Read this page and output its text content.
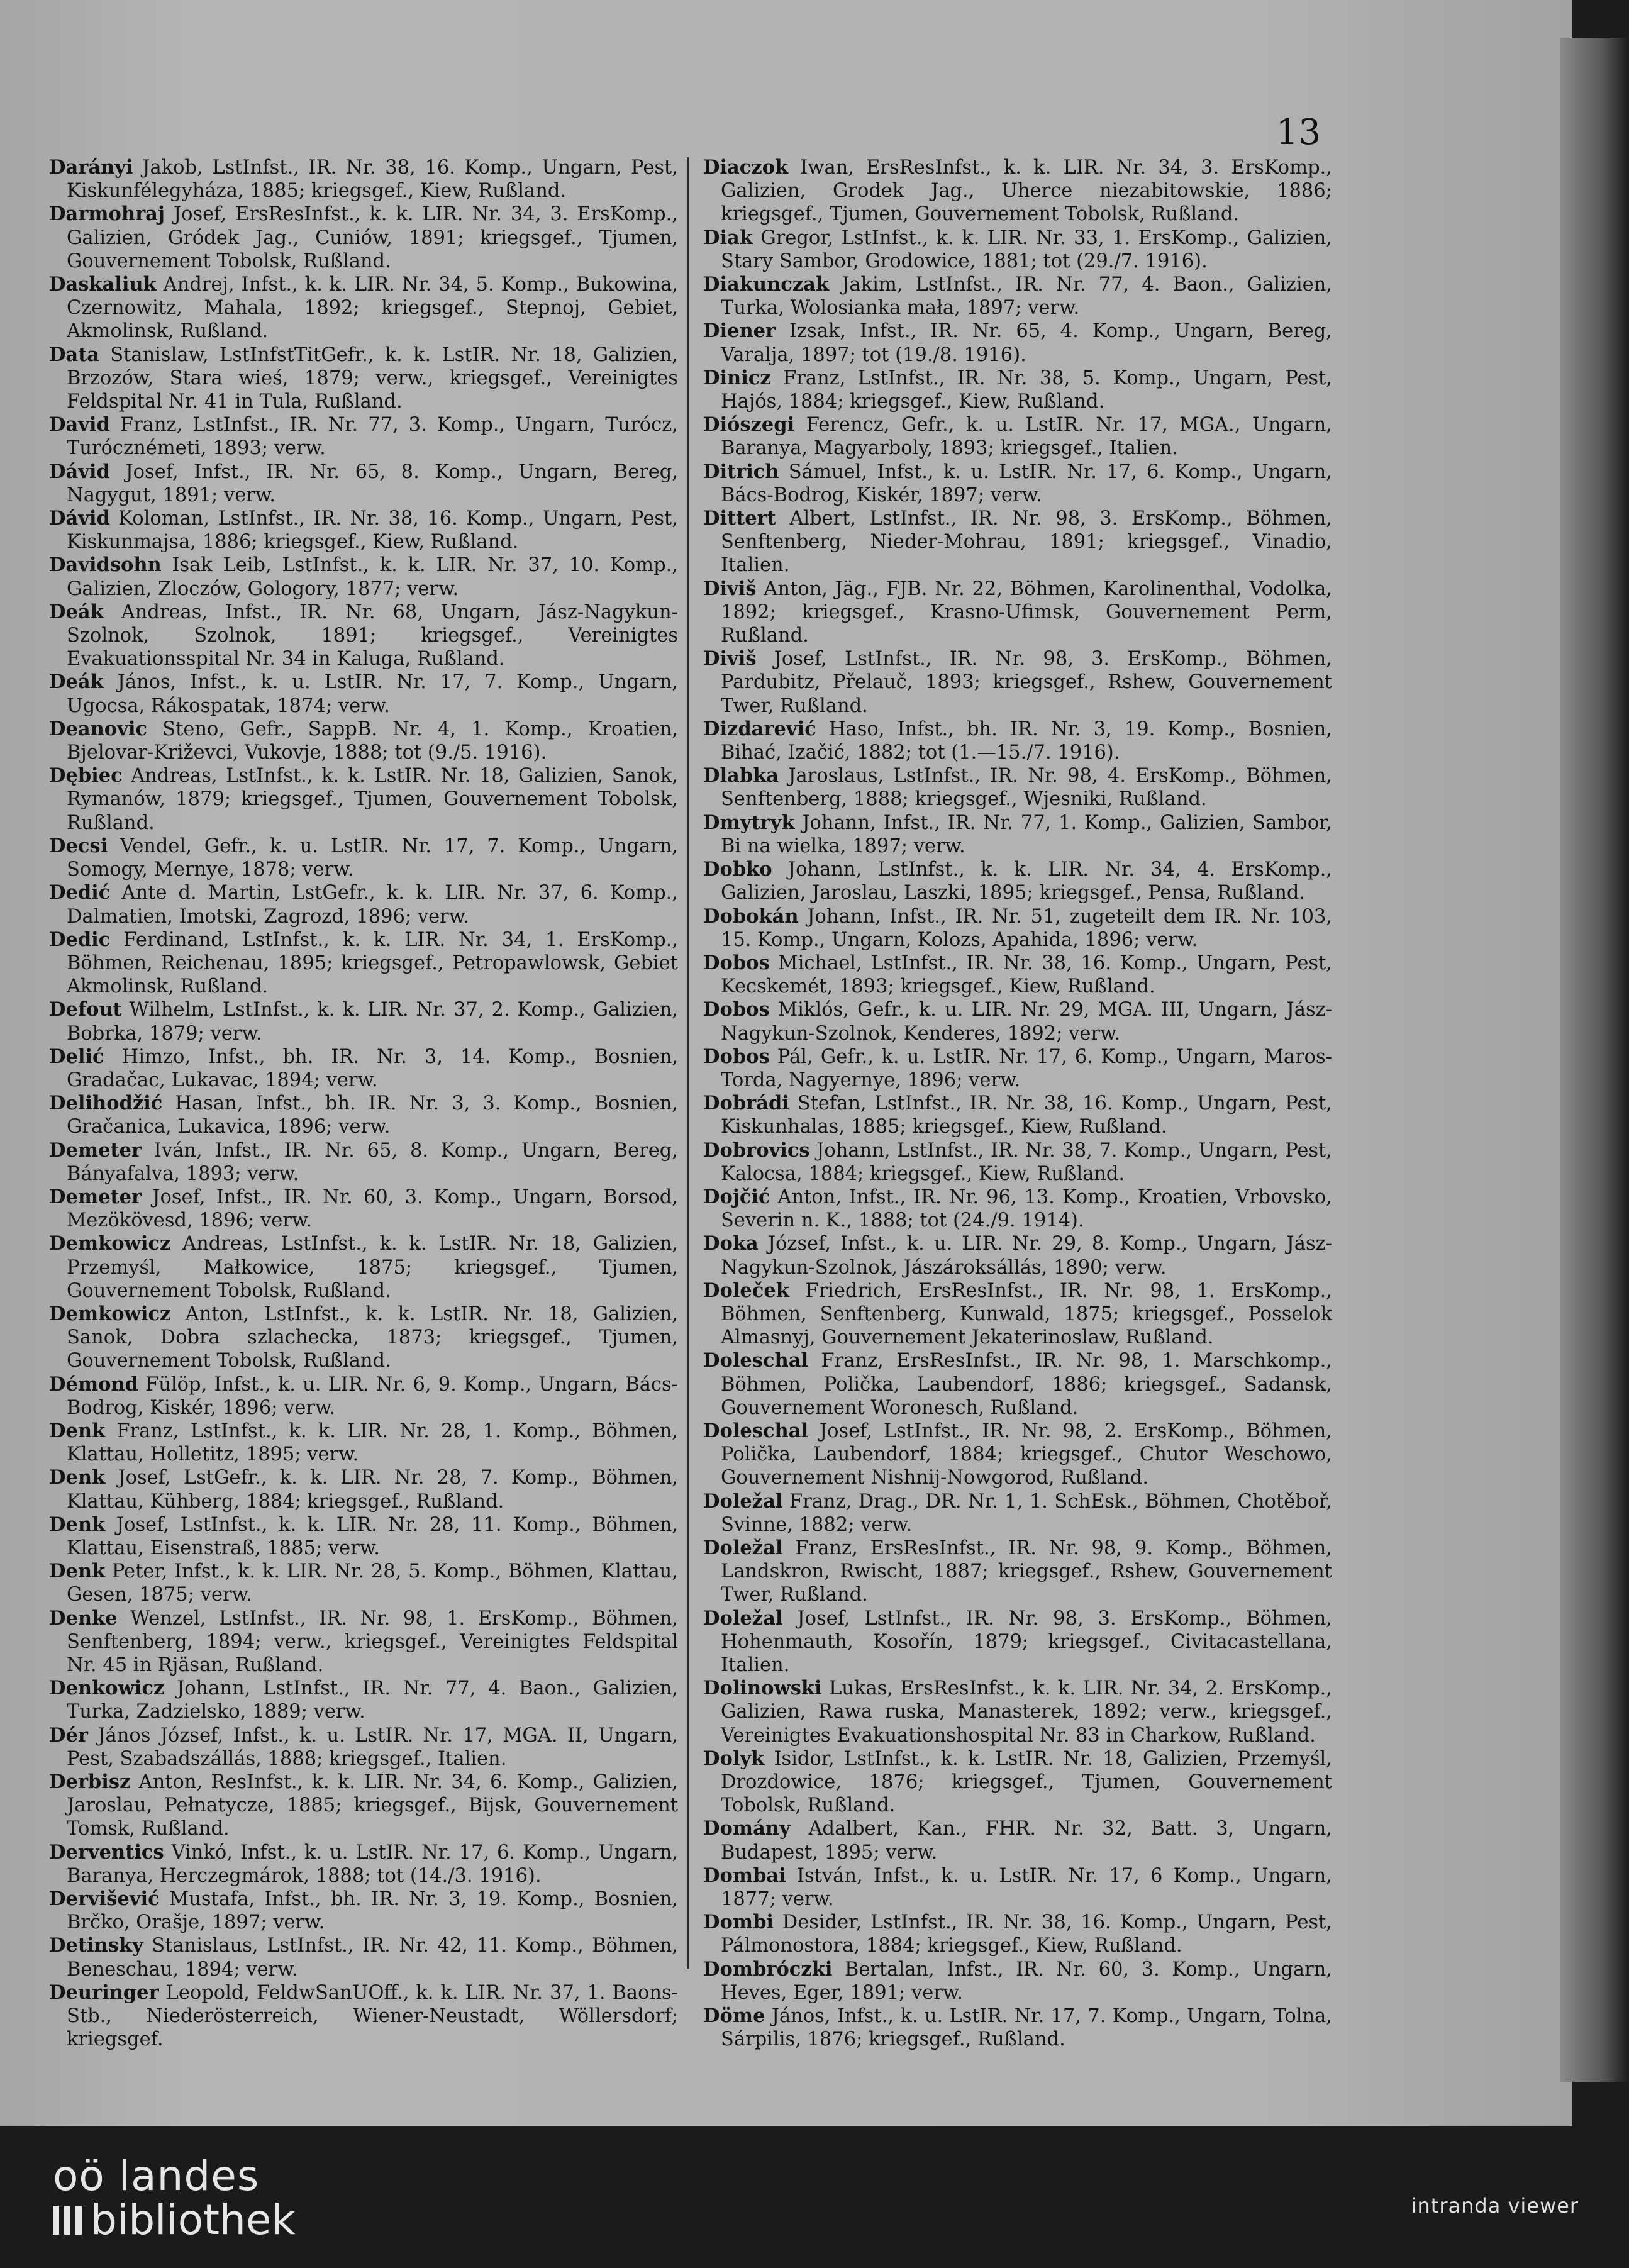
13

Darányi Jakob, LstInfst., IR. Nr. 38, 16. Komp., Ungarn, Pest, Kiskunfélegyháza, 1885; kriegsgef., Kiew, Rußland.

Darmohraj Josef, ErsResInfst., k. k. LIR. Nr. 34, 3. ErsKomp., Galizien, Gródek Jag., Cuniów, 1891; kriegsgef., Tjumen, Gouvernement Tobolsk, Rußland.

Daskaliuk Andrej, Infst., k. k. LIR. Nr. 34, 5. Komp., Bukowina, Czernowitz, Mahala, 1892; kriegsgef., Stepnoj, Gebiet, Akmolinsk, Rußland.

Data Stanislaw, LstInfstTitGefr., k. k. LstIR. Nr. 18, Galizien, Brzozów, Stara wieś, 1879; verw., kriegsgef., Vereinigtes Feldspital Nr. 41 in Tula, Rußland.

David Franz, LstInfst., IR. Nr. 77, 3. Komp., Ungarn, Turócz, Turócznémeti, 1893; verw.

Dávid Josef, Infst., IR. Nr. 65, 8. Komp., Ungarn, Bereg, Nagygut, 1891; verw.

Dávid Koloman, LstInfst., IR. Nr. 38, 16. Komp., Ungarn, Pest, Kiskunmajsa, 1886; kriegsgef., Kiew, Rußland.

Davidsohn Isak Leib, LstInfst., k. k. LIR. Nr. 37, 10. Komp., Galizien, Zloczów, Gologory, 1877; verw.

Deák Andreas, Infst., IR. Nr. 68, Ungarn, Jász-Nagykun-Szolnok, Szolnok, 1891; kriegsgef., Vereinigtes Evakuationsspital Nr. 34 in Kaluga, Rußland.

Deák János, Infst., k. u. LstIR. Nr. 17, 7. Komp., Ungarn, Ugocsa, Rákospatak, 1874; verw.

Deanovic Steno, Gefr., SappB. Nr. 4, 1. Komp., Kroatien, Bjelovar-Križevci, Vukovje, 1888; tot (9./5. 1916).

Dębiec Andreas, LstInfst., k. k. LstIR. Nr. 18, Galizien, Sanok, Rymanów, 1879; kriegsgef., Tjumen, Gouvernement Tobolsk, Rußland.

Decsi Vendel, Gefr., k. u. LstIR. Nr. 17, 7. Komp., Ungarn, Somogy, Mernye, 1878; verw.

Dedić Ante d. Martin, LstGefr., k. k. LIR. Nr. 37, 6. Komp., Dalmatien, Imotski, Zagrozd, 1896; verw.

Dedic Ferdinand, LstInfst., k. k. LIR. Nr. 34, 1. ErsKomp., Böhmen, Reichenau, 1895; kriegsgef., Petropawlowsk, Gebiet Akmolinsk, Rußland.

Defout Wilhelm, LstInfst., k. k. LIR. Nr. 37, 2. Komp., Galizien, Bobrka, 1879; verw.

Delić Himzo, Infst., bh. IR. Nr. 3, 14. Komp., Bosnien, Gradačac, Lukavac, 1894; verw.

Delihodžić Hasan, Infst., bh. IR. Nr. 3, 3. Komp., Bosnien, Gračanica, Lukavica, 1896; verw.

Demeter Iván, Infst., IR. Nr. 65, 8. Komp., Ungarn, Bereg, Bányafalva, 1893; verw.

Demeter Josef, Infst., IR. Nr. 60, 3. Komp., Ungarn, Borsod, Mezökövesd, 1896; verw.

Demkowicz Andreas, LstInfst., k. k. LstIR. Nr. 18, Galizien, Przemyśl, Małkowice, 1875; kriegsgef., Tjumen, Gouvernement Tobolsk, Rußland.

Demkowicz Anton, LstInfst., k. k. LstIR. Nr. 18, Galizien, Sanok, Dobra szlachecka, 1873; kriegsgef., Tjumen, Gouvernement Tobolsk, Rußland.

Démond Fülöp, Infst., k. u. LIR. Nr. 6, 9. Komp., Ungarn, Bács-Bodrog, Kiskér, 1896; verw.

Denk Franz, LstInfst., k. k. LIR. Nr. 28, 1. Komp., Böhmen, Klattau, Holletitz, 1895; verw.

Denk Josef, LstGefr., k. k. LIR. Nr. 28, 7. Komp., Böhmen, Klattau, Kühberg, 1884; kriegsgef., Rußland.

Denk Josef, LstInfst., k. k. LIR. Nr. 28, 11. Komp., Böhmen, Klattau, Eisenstraß, 1885; verw.

Denk Peter, Infst., k. k. LIR. Nr. 28, 5. Komp., Böhmen, Klattau, Gesen, 1875; verw.

Denke Wenzel, LstInfst., IR. Nr. 98, 1. ErsKomp., Böhmen, Senftenberg, 1894; verw., kriegsgef., Vereinigtes Feldspital Nr. 45 in Rjäsan, Rußland.

Denkowicz Johann, LstInfst., IR. Nr. 77, 4. Baon., Galizien, Turka, Zadzielsko, 1889; verw.

Dér János József, Infst., k. u. LstIR. Nr. 17, MGA. II, Ungarn, Pest, Szabadszállás, 1888; kriegsgef., Italien.

Derbisz Anton, ResInfst., k. k. LIR. Nr. 34, 6. Komp., Galizien, Jaroslau, Pełnatycze, 1885; kriegsgef., Bijsk, Gouvernement Tomsk, Rußland.

Derventics Vinkó, Infst., k. u. LstIR. Nr. 17, 6. Komp., Ungarn, Baranya, Herczegmárok, 1888; tot (14./3. 1916).

Dervišević Mustafa, Infst., bh. IR. Nr. 3, 19. Komp., Bosnien, Brčko, Orašje, 1897; verw.

Detinsky Stanislaus, LstInfst., IR. Nr. 42, 11. Komp., Böhmen, Beneschau, 1894; verw.

Deuringer Leopold, FeldwSanUOff., k. k. LIR. Nr. 37, 1. Baons-Stb., Niederösterreich, Wiener-Neustadt, Wöllersdorf; kriegsgef.

Diaczok Iwan, ErsResInfst., k. k. LIR. Nr. 34, 3. ErsKomp., Galizien, Grodek Jag., Uherce niezabitowskie, 1886; kriegsgef., Tjumen, Gouvernement Tobolsk, Rußland.

Diak Gregor, LstInfst., k. k. LIR. Nr. 33, 1. ErsKomp., Galizien, Stary Sambor, Grodowice, 1881; tot (29./7. 1916).

Diakunczak Jakim, LstInfst., IR. Nr. 77, 4. Baon., Galizien, Turka, Wolosianka mała, 1897; verw.

Diener Izsak, Infst., IR. Nr. 65, 4. Komp., Ungarn, Bereg, Varalja, 1897; tot (19./8. 1916).

Dinicz Franz, LstInfst., IR. Nr. 38, 5. Komp., Ungarn, Pest, Hajós, 1884; kriegsgef., Kiew, Rußland.

Diószegi Ferencz, Gefr., k. u. LstIR. Nr. 17, MGA., Ungarn, Baranya, Magyarboly, 1893; kriegsgef., Italien.

Ditrich Sámuel, Infst., k. u. LstIR. Nr. 17, 6. Komp., Ungarn, Bács-Bodrog, Kiskér, 1897; verw.

Dittert Albert, LstInfst., IR. Nr. 98, 3. ErsKomp., Böhmen, Senftenberg, Nieder-Mohrau, 1891; kriegsgef., Vinadio, Italien.

Diviš Anton, Jäg., FJB. Nr. 22, Böhmen, Karolinenthal, Vodolka, 1892; kriegsgef., Krasno-Ufimsk, Gouvernement Perm, Rußland.

Diviš Josef, LstInfst., IR. Nr. 98, 3. ErsKomp., Böhmen, Pardubitz, Přelauč, 1893; kriegsgef., Rshew, Gouvernement Twer, Rußland.

Dizdarević Haso, Infst., bh. IR. Nr. 3, 19. Komp., Bosnien, Bihać, Izačić, 1882; tot (1.—15./7. 1916).

Dlabka Jaroslaus, LstInfst., IR. Nr. 98, 4. ErsKomp., Böhmen, Senftenberg, 1888; kriegsgef., Wjesniki, Rußland.

Dmytryk Johann, Infst., IR. Nr. 77, 1. Komp., Galizien, Sambor, Bi na wielka, 1897; verw.

Dobko Johann, LstInfst., k. k. LIR. Nr. 34, 4. ErsKomp., Galizien, Jaroslau, Laszki, 1895; kriegsgef., Pensa, Rußland.

Dobokán Johann, Infst., IR. Nr. 51, zugeteilt dem IR. Nr. 103, 15. Komp., Ungarn, Kolozs, Apahida, 1896; verw.

Dobos Michael, LstInfst., IR. Nr. 38, 16. Komp., Ungarn, Pest, Kecskemét, 1893; kriegsgef., Kiew, Rußland.

Dobos Miklós, Gefr., k. u. LIR. Nr. 29, MGA. III, Ungarn, Jász-Nagykun-Szolnok, Kenderes, 1892; verw.

Dobos Pál, Gefr., k. u. LstIR. Nr. 17, 6. Komp., Ungarn, Maros-Torda, Nagyernye, 1896; verw.

Dobrádi Stefan, LstInfst., IR. Nr. 38, 16. Komp., Ungarn, Pest, Kiskunhalas, 1885; kriegsgef., Kiew, Rußland.

Dobrovics Johann, LstInfst., IR. Nr. 38, 7. Komp., Ungarn, Pest, Kalocsa, 1884; kriegsgef., Kiew, Rußland.

Dojčić Anton, Infst., IR. Nr. 96, 13. Komp., Kroatien, Vrbovsko, Severin n. K., 1888; tot (24./9. 1914).

Doka József, Infst., k. u. LIR. Nr. 29, 8. Komp., Ungarn, Jász-Nagykun-Szolnok, Jászároksállás, 1890; verw.

Doleček Friedrich, ErsResInfst., IR. Nr. 98, 1. ErsKomp., Böhmen, Senftenberg, Kunwald, 1875; kriegsgef., Posselok Almasnyj, Gouvernement Jekaterinoslaw, Rußland.

Doleschal Franz, ErsResInfst., IR. Nr. 98, 1. Marschkomp., Böhmen, Polička, Laubendorf, 1886; kriegsgef., Sadansk, Gouvernement Woronesch, Rußland.

Doleschal Josef, LstInfst., IR. Nr. 98, 2. ErsKomp., Böhmen, Polička, Laubendorf, 1884; kriegsgef., Chutor Weschowo, Gouvernement Nishnij-Nowgorod, Rußland.

Doležal Franz, Drag., DR. Nr. 1, 1. SchEsk., Böhmen, Chotěboř, Svinne, 1882; verw.

Doležal Franz, ErsResInfst., IR. Nr. 98, 9. Komp., Böhmen, Landskron, Rwischt, 1887; kriegsgef., Rshew, Gouvernement Twer, Rußland.

Doležal Josef, LstInfst., IR. Nr. 98, 3. ErsKomp., Böhmen, Hohenmauth, Kosořín, 1879; kriegsgef., Civitacastellana, Italien.

Dolinowski Lukas, ErsResInfst., k. k. LIR. Nr. 34, 2. ErsKomp., Galizien, Rawa ruska, Manasterek, 1892; verw., kriegsgef., Vereinigtes Evakuationshospital Nr. 83 in Charkow, Rußland.

Dolyk Isidor, LstInfst., k. k. LstIR. Nr. 18, Galizien, Przemyśl, Drozdowice, 1876; kriegsgef., Tjumen, Gouvernement Tobolsk, Rußland.

Domány Adalbert, Kan., FHR. Nr. 32, Batt. 3, Ungarn, Budapest, 1895; verw.

Dombai István, Infst., k. u. LstIR. Nr. 17, 6 Komp., Ungarn, 1877; verw.

Dombi Desider, LstInfst., IR. Nr. 38, 16. Komp., Ungarn, Pest, Pálmonostora, 1884; kriegsgef., Kiew, Rußland.

Dombróczki Bertalan, Infst., IR. Nr. 60, 3. Komp., Ungarn, Heves, Eger, 1891; verw.

Döme János, Infst., k. u. LstIR. Nr. 17, 7. Komp., Ungarn, Tolna, Sárpilis, 1876; kriegsgef., Rußland.

oö landes
bibliothek	intranda viewer
